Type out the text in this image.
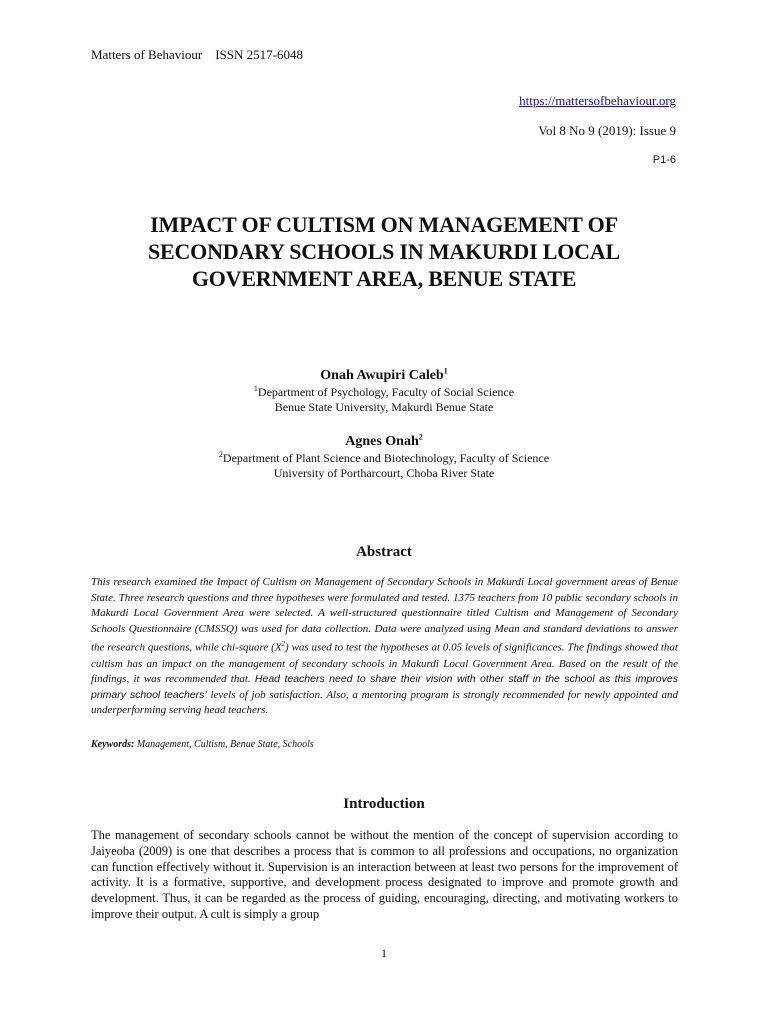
Matters of Behaviour    ISSN 2517-6048
https://mattersofbehaviour.org
Vol 8 No 9 (2019): Issue 9
P1-6
IMPACT OF CULTISM ON MANAGEMENT OF SECONDARY SCHOOLS IN MAKURDI LOCAL GOVERNMENT AREA, BENUE STATE
Onah Awupiri Caleb$^1$
$^1$Department of Psychology, Faculty of Social Science
Benue State University, Makurdi Benue State
Agnes Onah$^2$
$^2$Department of Plant Science and Biotechnology, Faculty of Science
University of Portharcourt, Choba River State
Abstract
This research examined the Impact of Cultism on Management of Secondary Schools in Makurdi Local government areas of Benue State. Three research questions and three hypotheses were formulated and tested. 1375 teachers from 10 public secondary schools in Makurdi Local Government Area were selected. A well-structured questionnaire titled Cultism and Management of Secondary Schools Questionnaire (CMSSQ) was used for data collection. Data were analyzed using Mean and standard deviations to answer the research questions, while chi-square $(X^2)$ was used to test the hypotheses at 0.05 levels of significances. The findings showed that cultism has an impact on the management of secondary schools in Makurdi Local Government Area. Based on the result of the findings, it was recommended that. Head teachers need to share their vision with other staff in the school as this improves primary school teachers’ levels of job satisfaction. Also, a mentoring program is strongly recommended for newly appointed and underperforming serving head teachers.
Keywords: Management, Cultism, Benue State, Schools
Introduction
The management of secondary schools cannot be without the mention of the concept of supervision according to Jaiyeoba (2009) is one that describes a process that is common to all professions and occupations, no organization can function effectively without it. Supervision is an interaction between at least two persons for the improvement of activity. It is a formative, supportive, and development process designated to improve and promote growth and development. Thus, it can be regarded as the process of guiding, encouraging, directing, and motivating workers to improve their output. A cult is simply a group
1
